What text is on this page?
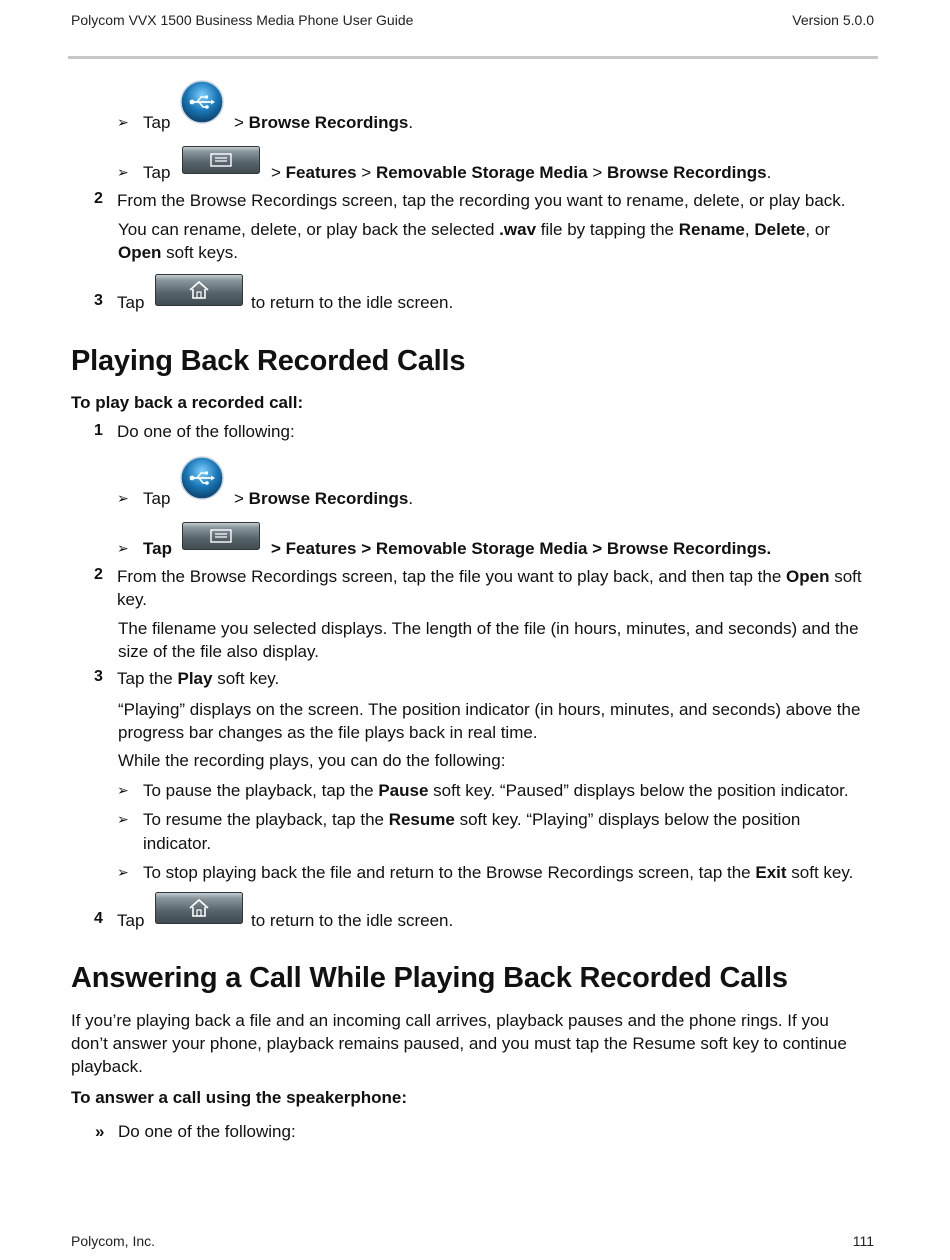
Polycom VVX 1500 Business Media Phone User Guide	Version 5.0.0
➢ Tap	> Browse Recordings.
➢ Tap	> Features > Removable Storage Media > Browse Recordings.
2 From the Browse Recordings screen, tap the recording you want to rename, delete, or play back.
You can rename, delete, or play back the selected .wav file by tapping the Rename, Delete, or
Open soft keys.
3 Tap	to return to the idle screen.
Playing Back Recorded Calls
To play back a recorded call:
1 Do one of the following:
➢ Tap	> Browse Recordings.
➢ Tap	> Features > Removable Storage Media > Browse Recordings.
2 From the Browse Recordings screen, tap the file you want to play back, and then tap the Open soft
key.
The filename you selected displays. The length of the file (in hours, minutes, and seconds) and the
size of the file also display.
3 Tap the Play soft key.
“Playing” displays on the screen. The position indicator (in hours, minutes, and seconds) above the
progress bar changes as the file plays back in real time.
While the recording plays, you can do the following:
➢ To pause the playback, tap the Pause soft key. “Paused” displays below the position indicator.
➢ To resume the playback, tap the Resume soft key. “Playing” displays below the position
indicator.
➢ To stop playing back the file and return to the Browse Recordings screen, tap the Exit soft key.
4 Tap	to return to the idle screen.
Answering a Call While Playing Back Recorded Calls
If you’re playing back a file and an incoming call arrives, playback pauses and the phone rings. If you
don’t answer your phone, playback remains paused, and you must tap the Resume soft key to continue
playback.
To answer a call using the speakerphone:
» Do one of the following:
Polycom, Inc.	111
